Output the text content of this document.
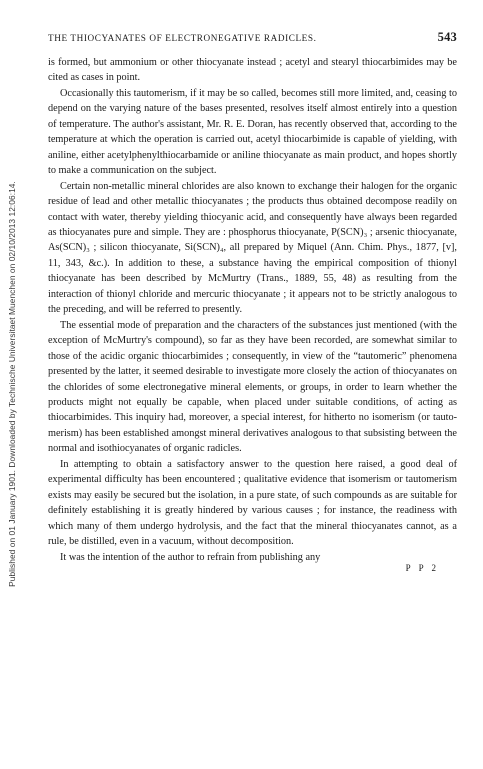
Published on 01 January 1901. Downloaded by Technische Universitaet Muenchen on 02/10/2013 12:06:14.
THE THIOCYANATES OF ELECTRONEGATIVE RADICLES.	543

is formed, but ammonium or other thiocyanate instead ; acetyl and stearyl thiocarbimides may be cited as cases in point.

Occasionally this tautomerism, if it may be so called, becomes still more limited, and, ceasing to depend on the varying nature of the bases presented, resolves itself almost entirely into a question of temperature. The author's assistant, Mr. R. E. Doran, has recently observed that, according to the temperature at which the operation is carried out, acetyl thiocarbimide is capable of yielding, with aniline, either acetylphenylthiocarbamide or aniline thiocyanate as main product, and hopes shortly to make a communication on the subject.

Certain non-metallic mineral chlorides are also known to exchange their halogen for the organic residue of lead and other metallic thiocyanates ; the products thus obtained decompose readily on contact with water, thereby yielding thiocyanic acid, and consequently have always been regarded as thiocyanates pure and simple. They are : phosphorus thiocyanate, P(SCN)₃ ; arsenic thiocyanate, As(SCN)₃ ; silicon thiocyanate, Si(SCN)₄, all prepared by Miquel (Ann. Chim. Phys., 1877, [v], 11, 343, &c.). In addition to these, a substance having the empirical composition of thionyl thiocyanate has been described by McMurtry (Trans., 1889, 55, 48) as resulting from the interaction of thionyl chloride and mercuric thiocyanate ; it appears not to be strictly analogous to the preceding, and will be referred to presently.

The essential mode of preparation and the characters of the substances just mentioned (with the exception of McMurtry's compound), so far as they have been recorded, are somewhat similar to those of the acidic organic thiocarbimides ; consequently, in view of the “tautomeric” phenomena presented by the latter, it seemed desirable to investigate more closely the action of thiocyanates on the chlorides of some electronegative mineral elements, or groups, in order to learn whether the products might not equally be capable, when placed under suitable conditions, of acting as thiocarbimides. This inquiry had, moreover, a special interest, for hitherto no isomerism (or tautomerism) has been established amongst mineral derivatives analogous to that subsisting between the normal and isothiocyanates of organic radicles.

In attempting to obtain a satisfactory answer to the question here raised, a good deal of experimental difficulty has been encountered ; qualitative evidence that isomerism or tautomerism exists may easily be secured but the isolation, in a pure state, of such compounds as are suitable for definitely establishing it is greatly hindered by various causes ; for instance, the readiness with which many of them undergo hydrolysis, and the fact that the mineral thiocyanates cannot, as a rule, be distilled, even in a vacuum, without decomposition.

It was the intention of the author to refrain from publishing any

P P 2
